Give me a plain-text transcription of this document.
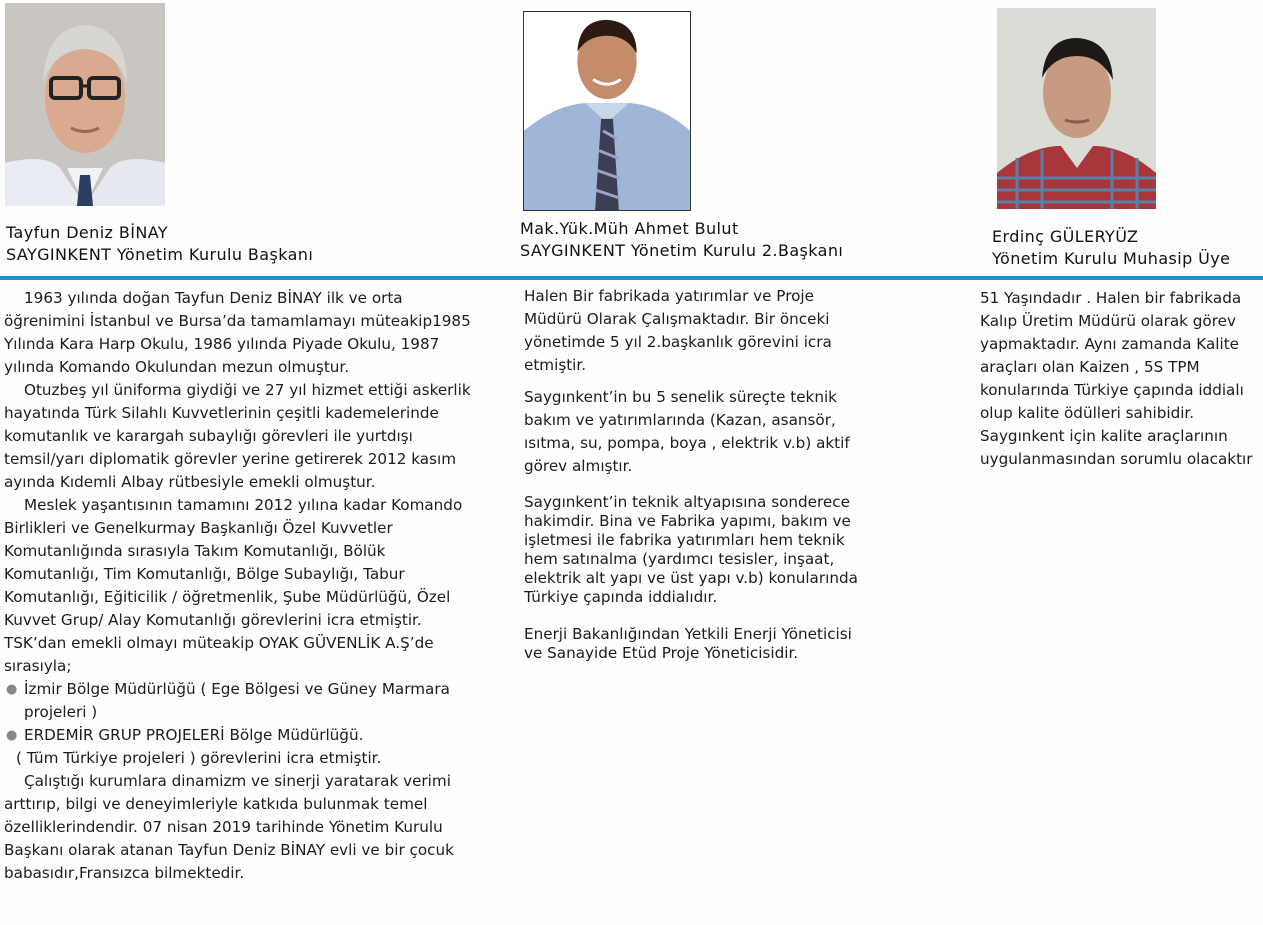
Tayfun Deniz BİNAY
SAYGINKENT Yönetim Kurulu Başkanı
Mak.Yük.Müh Ahmet Bulut
SAYGINKENT Yönetim Kurulu 2.Başkanı
Erdinç GÜLERYÜZ
Yönetim Kurulu Muhasip Üye

1963 yılında doğan Tayfun Deniz BİNAY ilk ve orta öğrenimini İstanbul ve Bursa’da tamamlamayı müteakip1985 Yılında Kara Harp Okulu, 1986 yılında Piyade Okulu, 1987 yılında Komando Okulundan mezun olmuştur.

Otuzbeş yıl üniforma giydiği ve 27 yıl hizmet ettiği askerlik hayatında Türk Silahlı Kuvvetlerinin çeşitli kademelerinde komutanlık ve karargah subaylığı görevleri ile yurtdışı temsil/yarı diplomatik görevler yerine getirerek 2012 kasım ayında Kıdemli Albay rütbesiyle emekli olmuştur.

Meslek yaşantısının tamamını 2012 yılına kadar Komando Birlikleri ve Genelkurmay Başkanlığı Özel Kuvvetler Komutanlığında sırasıyla Takım Komutanlığı, Bölük Komutanlığı, Tim Komutanlığı, Bölge Subaylığı, Tabur Komutanlığı, Eğiticilik / öğretmenlik, Şube Müdürlüğü, Özel Kuvvet Grup/ Alay Komutanlığı görevlerini icra etmiştir. TSK’dan emekli olmayı müteakip OYAK GÜVENLİK A.Ş’de sırasıyla;

● İzmir Bölge Müdürlüğü ( Ege Bölgesi ve Güney Marmara projeleri )
● ERDEMİR GRUP PROJELERİ Bölge Müdürlüğü.

( Tüm Türkiye projeleri ) görevlerini icra etmiştir.

Çalıştığı kurumlara dinamizm ve sinerji yaratarak verimi arttırıp, bilgi ve deneyimleriyle katkıda bulunmak temel özelliklerindendir. 07 nisan 2019 tarihinde Yönetim Kurulu Başkanı olarak atanan Tayfun Deniz BİNAY evli ve bir çocuk babasıdır,Fransızca bilmektedir.

Halen Bir fabrikada yatırımlar ve Proje Müdürü Olarak Çalışmaktadır. Bir önceki yönetimde 5 yıl 2.başkanlık görevini icra etmiştir.

Saygınkent’in bu 5 senelik süreçte teknik bakım ve yatırımlarında (Kazan, asansör, ısıtma, su, pompa, boya , elektrik v.b) aktif görev almıştır.

Saygınkent’in teknik altyapısına sonderece hakimdir. Bina ve Fabrika yapımı, bakım ve işletmesi ile fabrika yatırımları hem teknik hem satınalma (yardımcı tesisler, inşaat, elektrik alt yapı ve üst yapı v.b) konularında Türkiye çapında iddialıdır.

Enerji Bakanlığından Yetkili Enerji Yöneticisi ve Sanayide Etüd Proje Yöneticisidir.

51 Yaşındadır . Halen bir fabrikada Kalıp Üretim Müdürü olarak görev yapmaktadır. Aynı zamanda Kalite araçları olan Kaizen , 5S TPM konularında Türkiye çapında iddialı olup kalite ödülleri sahibidir. Saygınkent için kalite araçlarının uygulanmasından sorumlu olacaktır
